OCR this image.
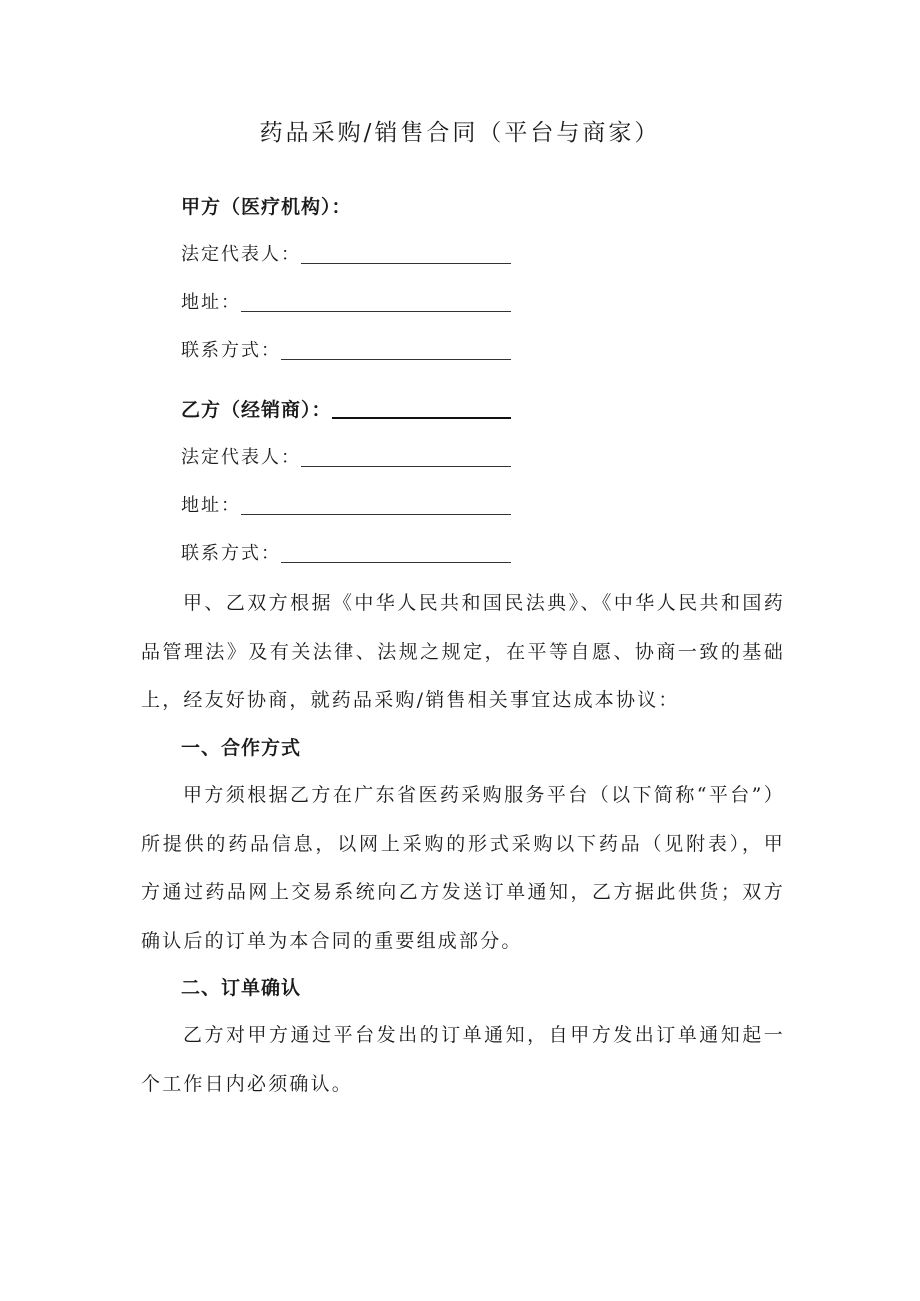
药品采购/销售合同（平台与商家）
甲方（医疗机构）：
法定代表人：
地址：
联系方式：
乙方（经销商）：
法定代表人：
地址：
联系方式：

甲、乙双方根据《中华人民共和国民法典》、《中华人民共和国药品管理法》及有关法律、法规之规定，在平等自愿、协商一致的基础上，经友好协商，就药品采购/销售相关事宜达成本协议：

一、合作方式

甲方须根据乙方在广东省医药采购服务平台（以下简称“平台”）所提供的药品信息，以网上采购的形式采购以下药品（见附表），甲方通过药品网上交易系统向乙方发送订单通知，乙方据此供货；双方确认后的订单为本合同的重要组成部分。

二、订单确认

乙方对甲方通过平台发出的订单通知，自甲方发出订单通知起一个工作日内必须确认。
